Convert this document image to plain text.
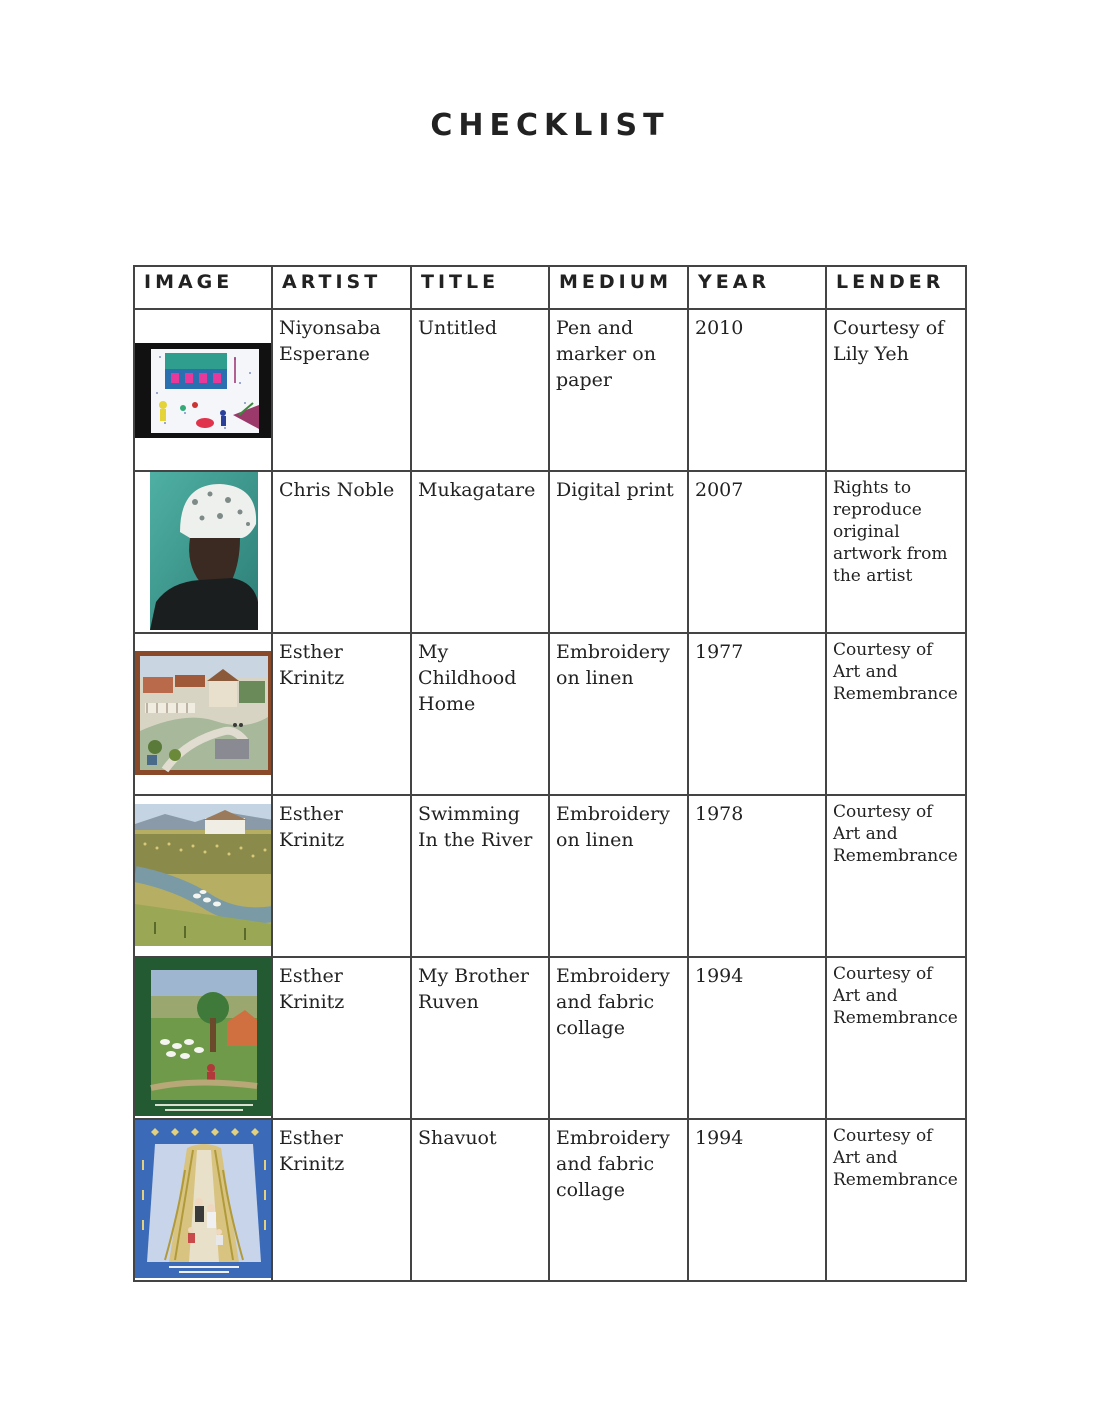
CHECKLIST
IMAGE	ARTIST	TITLE	MEDIUM	YEAR	LENDER

	Niyonsaba Esperane	Untitled	Pen and marker on paper	2010	Courtesy of Lily Yeh

	Chris Noble	Mukagatare	Digital print	2007	Rights to reproduce original artwork from the artist

	Esther Krinitz	My Childhood Home	Embroidery on linen	1977	Courtesy of Art and Remembrance

	Esther Krinitz	Swimming In the River	Embroidery on linen	1978	Courtesy of Art and Remembrance

	Esther Krinitz	My Brother Ruven	Embroidery and fabric collage	1994	Courtesy of Art and Remembrance

	Esther Krinitz	Shavuot	Embroidery and fabric collage	1994	Courtesy of Art and Remembrance
